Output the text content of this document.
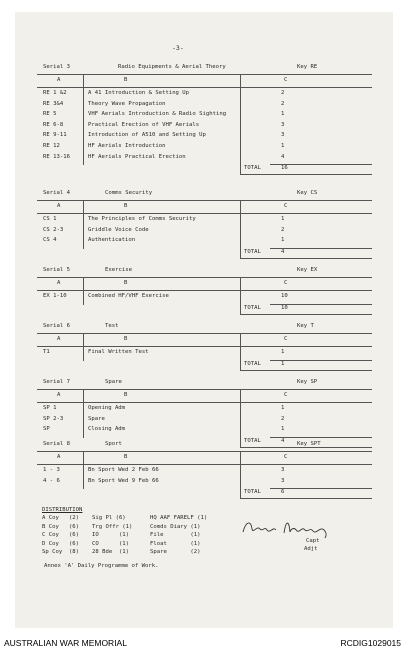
-3-
Serial 3	Radio Equipments & Aerial Theory	Key RE
A	B	C
RE 1 &2	A 41 Introduction & Setting Up	2
RE 3&4	Theory Wave Propagation	2
RE 5	VHF Aerials Introduction & Radio Sighting	1
RE 6-8	Practical Erection of VHF Aerials	3
RE 9-11	Introduction of A510 and Setting Up	3
RE 12	HF Aerials Introduction	1
RE 13-16	HF Aerials Practical Erection	4
TOTAL	16
Serial 4	Comms Security	Key CS
A	B	C
CS 1	The Principles of Comms Security	1
CS 2-3	Griddle Voice Code	2
CS 4	Authentication	1
TOTAL	4
Serial 5	Exercise	Key EX
A	B	C
EX 1-10	Combined HF/VHF Exercise	10
TOTAL	10
Serial 6	Test	Key T
A	B	C
T1	Final Written Test	1
TOTAL	1
Serial 7	Spare	Key SP
A	B	C
SP 1	Opening Adm	1
SP 2-3	Spare	2
SP	Closing Adm	1
TOTAL	4
Serial 8	Sport	Key SPT
A	B	C
1 - 3	Bn Sport Wed 2 Feb 66	3
4 - 6	Bn Sport Wed 9 Feb 66	3
TOTAL	6
DISTRIBUTION
A Coy   (2)
B Coy   (6)
C Coy   (6)
D Coy   (6)
Sp Coy  (8)
Sig Pl (6)
Trg Offr (1)
IO      (1)
CO      (1)
28 Bde  (1)
HQ AAF FARELF (1)
Comds Diary (1)
File        (1)
Float       (1)
Spare       (2)
Capt
Adjt
Annex 'A' Daily Programme of Work.
AUSTRALIAN WAR MEMORIAL	RCDIG1029015
